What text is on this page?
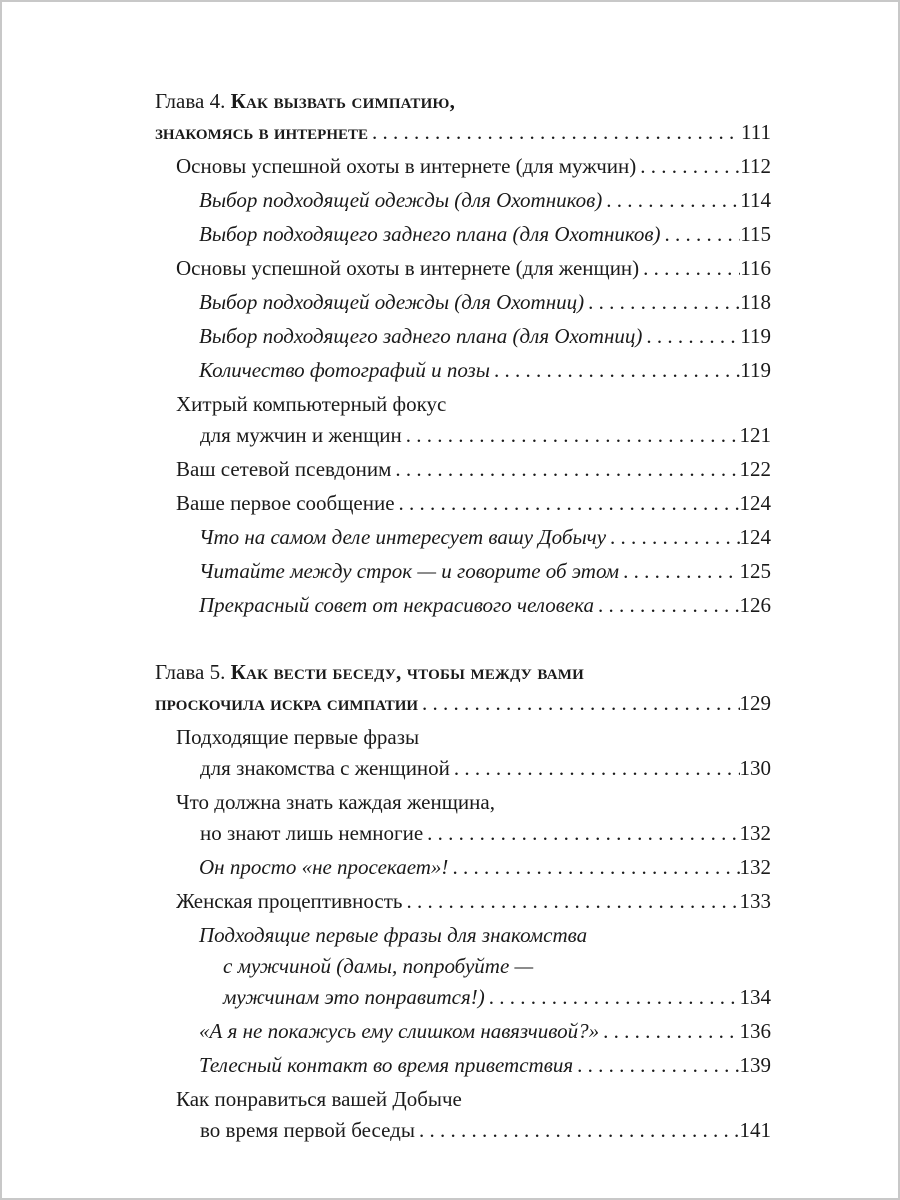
Глава 4. Как вызвать симпатию,
знакомясь в интернете . . .	111
Основы успешной охоты в интернете (для мужчин) . . .	112
Выбор подходящей одежды (для Охотников) . . .	114
Выбор подходящего заднего плана (для Охотников) . . .	115
Основы успешной охоты в интернете (для женщин) . . .	116
Выбор подходящей одежды (для Охотниц) . . .	118
Выбор подходящего заднего плана (для Охотниц) . . .	119
Количество фотографий и позы . . .	119
Хитрый компьютерный фокус
для мужчин и женщин . . .	121
Ваш сетевой псевдоним . . .	122
Ваше первое сообщение . . .	124
Что на самом деле интересует вашу Добычу . . .	124
Читайте между строк — и говорите об этом . . .	125
Прекрасный совет от некрасивого человека . . .	126
Глава 5. Как вести беседу, чтобы между вами
проскочила искра симпатии . . .	129
Подходящие первые фразы
для знакомства с женщиной . . .	130
Что должна знать каждая женщина,
но знают лишь немногие . . .	132
Он просто «не просекает»! . . .	132
Женская процептивность . . .	133
Подходящие первые фразы для знакомства
с мужчиной (дамы, попробуйте —
мужчинам это понравится!) . . .	134
«А я не покажусь ему слишком навязчивой?» . . .	136
Телесный контакт во время приветствия . . .	139
Как понравиться вашей Добыче
во время первой беседы . . .	141
